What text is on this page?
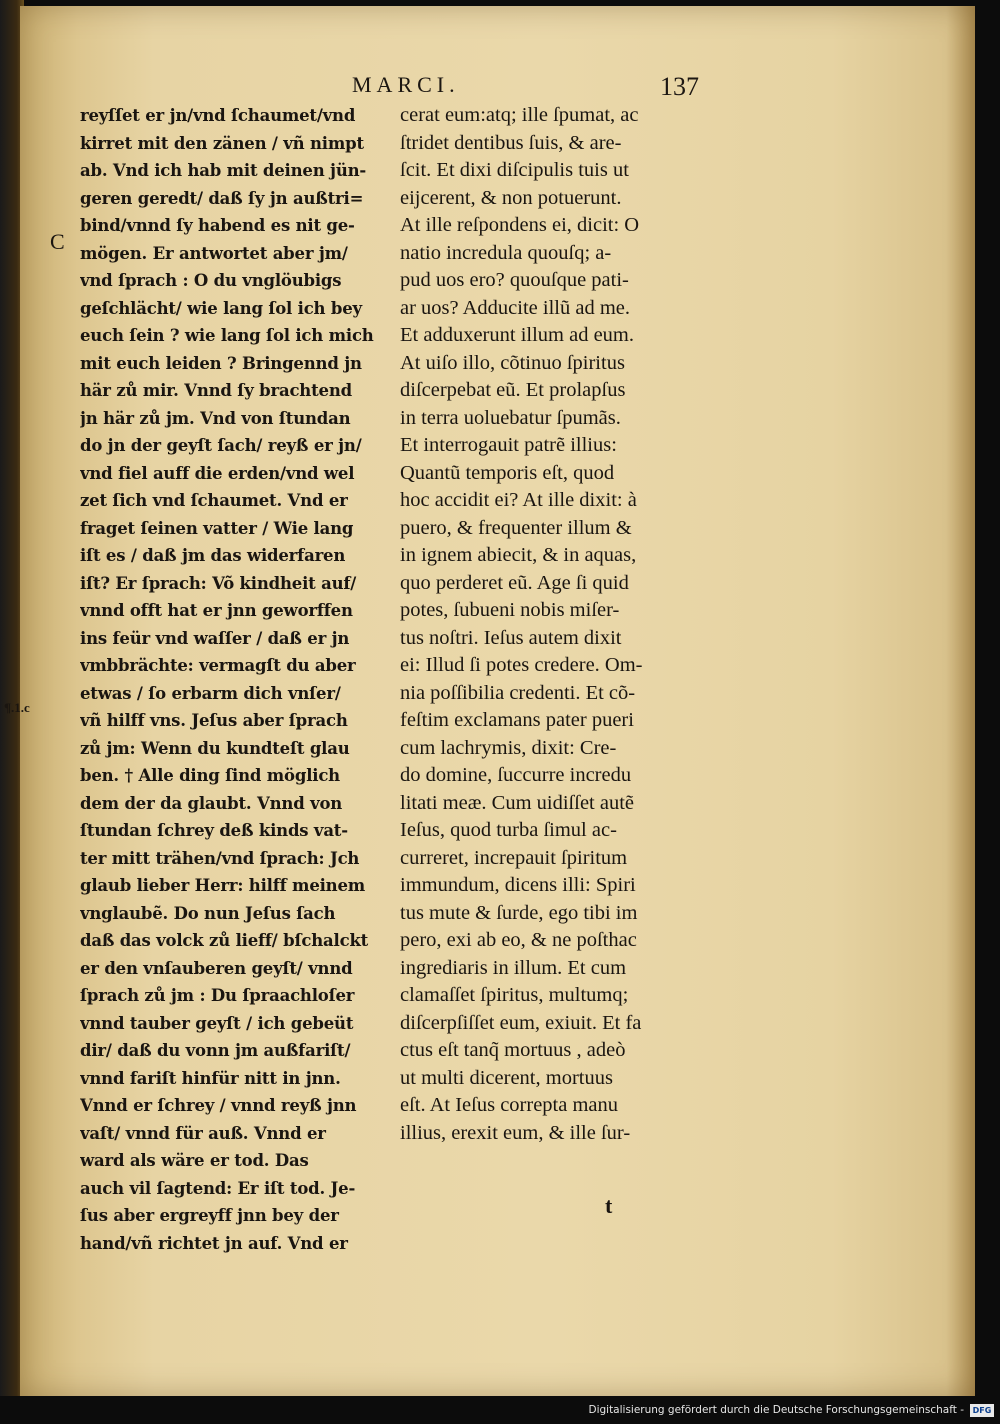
MARCI.	137
C
¶.1.c
reyſſet er jn/vnd ſchaumet/vnd
kirret mit den zänen / vñ nimpt
ab. Vnd ich hab mit deinen jün-
geren geredt/ daß ſy jn außtri=
bind/vnnd ſy habend es nit ge-
mögen. Er antwortet aber jm/
vnd ſprach : O du vnglöubigs
geſchlächt/ wie lang ſol ich bey
euch ſein ? wie lang ſol ich mich
mit euch leiden ? Bringennd jn
här zů mir. Vnnd ſy brachtend
jn här zů jm. Vnd von ſtundan
do jn der geyſt ſach/ reyß er jn/
vnd fiel auff die erden/vnd wel
zet ſich vnd ſchaumet. Vnd er
fraget ſeinen vatter / Wie lang
iſt es / daß jm das widerfaren
iſt? Er ſprach: Võ kindheit auf/
vnnd offt hat er jnn geworffen
ins feür vnd waſſer / daß er jn
vmbbrächte: vermagſt du aber
etwas / ſo erbarm dich vnſer/
vñ hilff vns. Jeſus aber ſprach
zů jm: Wenn du kundteſt glau
ben. † Alle ding ſind möglich
dem der da glaubt. Vnnd von
ſtundan ſchrey deß kinds vat-
ter mitt trähen/vnd ſprach: Jch
glaub lieber Herr: hilff meinem
vnglaubẽ. Do nun Jeſus ſach
daß das volck zů lieff/ bſchalckt
er den vnſauberen geyſt/ vnnd
ſprach zů jm : Du ſpraachloſer
vnnd tauber geyſt / ich gebeüt
dir/ daß du vonn jm außfariſt/
vnnd fariſt hinfür nitt in jnn.
Vnnd er ſchrey / vnnd reyß jnn
vaſt/ vnnd für auß. Vnnd er
ward als wäre er tod. Das
auch vil ſagtend: Er iſt tod. Je-
ſus aber ergreyff jnn bey der
hand/vñ richtet jn auf. Vnd er
cerat eum:atq; ille ſpumat, ac
ſtridet dentibus ſuis, & are-
ſcit. Et dixi diſcipulis tuis ut
eijcerent, & non potuerunt.
At ille reſpondens ei, dicit: O
natio incredula quouſq; a-
pud uos ero? quouſque pati-
ar uos? Adducite illũ ad me.
Et adduxerunt illum ad eum.
At uiſo illo, cõtinuo ſpiritus
diſcerpebat eũ. Et prolapſus
in terra uoluebatur ſpumãs.
Et interrogauit patrẽ illius:
Quantũ temporis eſt, quod
hoc accidit ei? At ille dixit: à
puero, & frequenter illum &
in ignem abiecit, & in aquas,
quo perderet eũ. Age ſi quid
potes, ſubueni nobis miſer-
tus noſtri. Ieſus autem dixit
ei: Illud ſi potes credere. Om-
nia poſſibilia credenti. Et cõ-
feſtim exclamans pater pueri
cum lachrymis, dixit: Cre-
do domine, ſuccurre incredu
litati meæ. Cum uidiſſet autẽ
Ieſus, quod turba ſimul ac-
curreret, increpauit ſpiritum
immundum, dicens illi: Spiri
tus mute & ſurde, ego tibi im
pero, exi ab eo, & ne poſthac
ingrediaris in illum. Et cum
clamaſſet ſpiritus, multumq;
diſcerpſiſſet eum, exiuit. Et fa
ctus eſt tanq̃ mortuus , adeò
ut multi dicerent, mortuus
eſt. At Ieſus correpta manu
illius, erexit eum, & ille ſur-
t
Digitalisierung gefördert durch die Deutsche Forschungsgemeinschaft -	DFG
